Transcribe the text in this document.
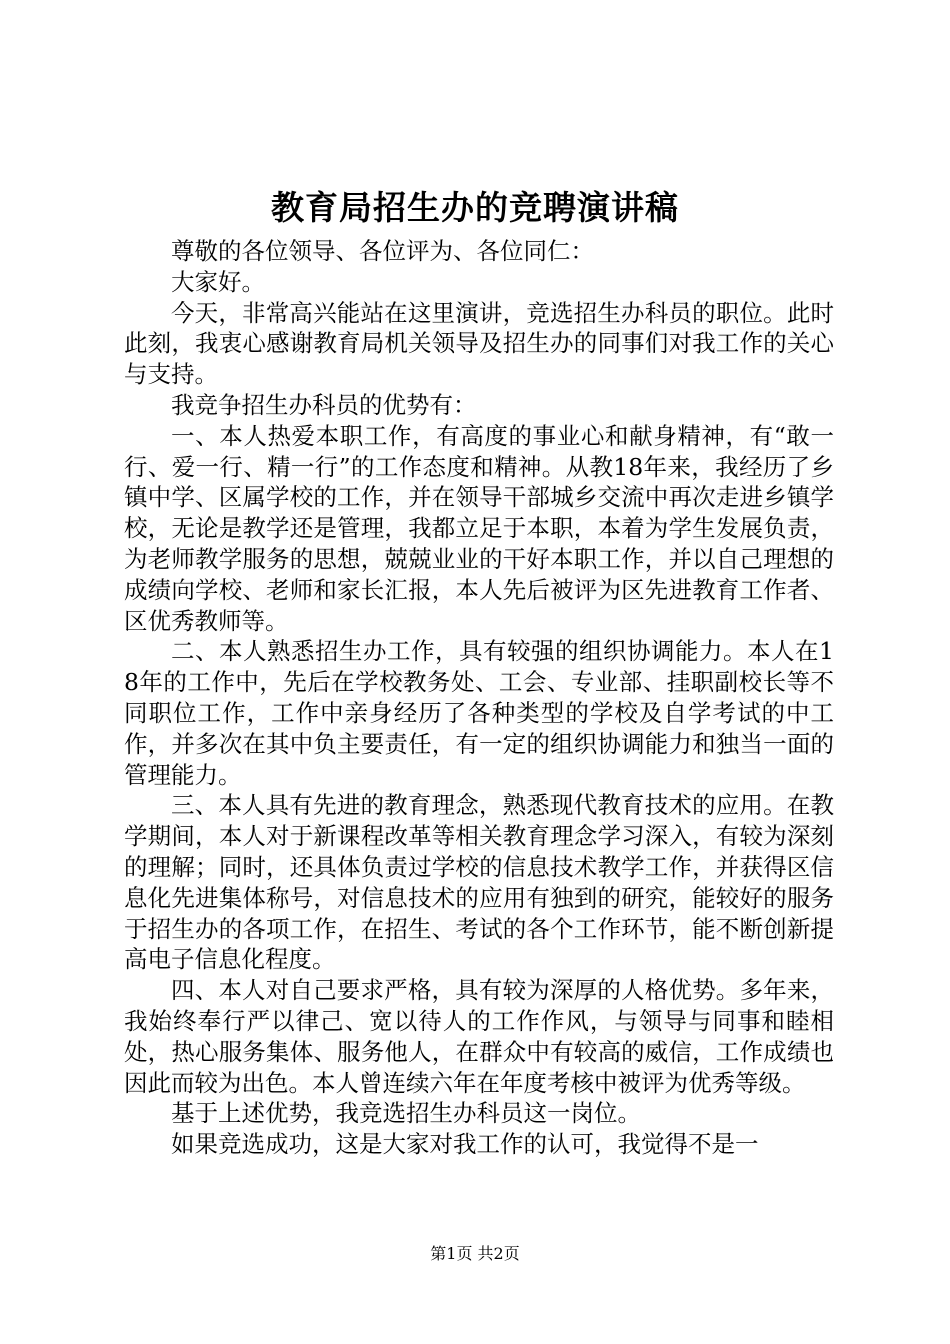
教育局招生办的竞聘演讲稿

尊敬的各位领导、各位评为、各位同仁：

大家好。

今天，非常高兴能站在这里演讲，竞选招生办科员的职位。此时此刻，我衷心感谢教育局机关领导及招生办的同事们对我工作的关心与支持。

我竞争招生办科员的优势有：

一、本人热爱本职工作，有高度的事业心和献身精神，有“敢一行、爱一行、精一行”的工作态度和精神。从教18年来，我经历了乡镇中学、区属学校的工作，并在领导干部城乡交流中再次走进乡镇学校，无论是教学还是管理，我都立足于本职，本着为学生发展负责，为老师教学服务的思想，兢兢业业的干好本职工作，并以自己理想的成绩向学校、老师和家长汇报，本人先后被评为区先进教育工作者、区优秀教师等。

二、本人熟悉招生办工作，具有较强的组织协调能力。本人在18年的工作中，先后在学校教务处、工会、专业部、挂职副校长等不同职位工作，工作中亲身经历了各种类型的学校及自学考试的中工作，并多次在其中负主要责任，有一定的组织协调能力和独当一面的管理能力。

三、本人具有先进的教育理念，熟悉现代教育技术的应用。在教学期间，本人对于新课程改革等相关教育理念学习深入，有较为深刻的理解；同时，还具体负责过学校的信息技术教学工作，并获得区信息化先进集体称号，对信息技术的应用有独到的研究，能较好的服务于招生办的各项工作，在招生、考试的各个工作环节，能不断创新提高电子信息化程度。

四、本人对自己要求严格，具有较为深厚的人格优势。多年来，我始终奉行严以律己、宽以待人的工作作风，与领导与同事和睦相处，热心服务集体、服务他人，在群众中有较高的威信，工作成绩也因此而较为出色。本人曾连续六年在年度考核中被评为优秀等级。

基于上述优势，我竞选招生办科员这一岗位。

如果竞选成功，这是大家对我工作的认可，我觉得不是一

第1页 共2页
